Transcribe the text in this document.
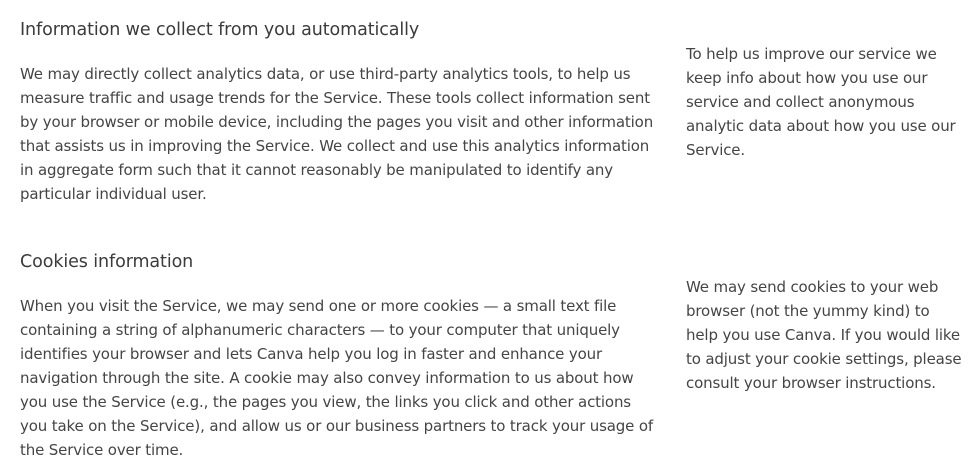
Information we collect from you automatically

We may directly collect analytics data, or use third-party analytics tools, to help us measure traffic and usage trends for the Service. These tools collect information sent by your browser or mobile device, including the pages you visit and other information that assists us in improving the Service. We collect and use this analytics information in aggregate form such that it cannot reasonably be manipulated to identify any particular individual user.

To help us improve our service we keep info about how you use our service and collect anonymous analytic data about how you use our Service.

Cookies information

When you visit the Service, we may send one or more cookies — a small text file containing a string of alphanumeric characters — to your computer that uniquely identifies your browser and lets Canva help you log in faster and enhance your navigation through the site. A cookie may also convey information to us about how you use the Service (e.g., the pages you view, the links you click and other actions you take on the Service), and allow us or our business partners to track your usage of the Service over time.

We may send cookies to your web browser (not the yummy kind) to help you use Canva. If you would like to adjust your cookie settings, please consult your browser instructions.
